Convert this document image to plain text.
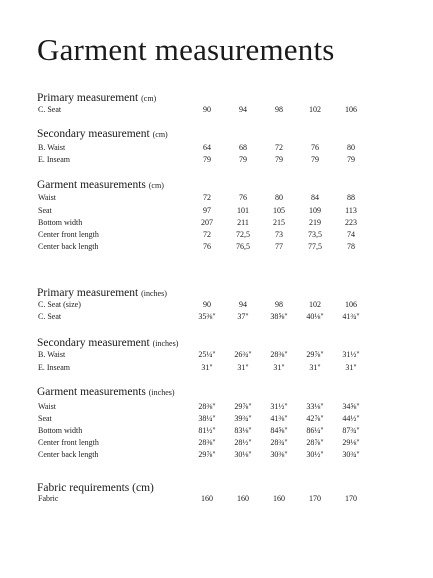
Garment measurements
Primary measurement (cm)
C. Seat	90	94	98	102	106
Secondary measurement (cm)
B. Waist	64	68	72	76	80
E. Inseam	79	79	79	79	79
Garment measurements (cm)
Waist	72	76	80	84	88
Seat	97	101	105	109	113
Bottom width	207	211	215	219	223
Center front length	72	72,5	73	73,5	74
Center back length	76	76,5	77	77,5	78
Primary measurement (inches)
C. Seat (size)	90	94	98	102	106
C. Seat	35⅜"	37"	38⅝"	40⅛"	41¾"
Secondary measurement (inches)
B. Waist	25¼"	26¾"	28⅜"	29⅞"	31½"
E. Inseam	31"	31"	31"	31"	31"
Garment measurements (inches)
Waist	28⅜"	29⅞"	31½"	33⅛"	34⅝"
Seat	38¼"	39¾"	41⅜"	42⅞"	44½"
Bottom width	81½"	83⅛"	84⅝"	86¼"	87¾"
Center front length	28⅜"	28½"	28¾"	28⅞"	29⅛"
Center back length	29⅞"	30⅛"	30⅜"	30½"	30¾"
Fabric requirements (cm)
Fabric	160	160	160	170	170
